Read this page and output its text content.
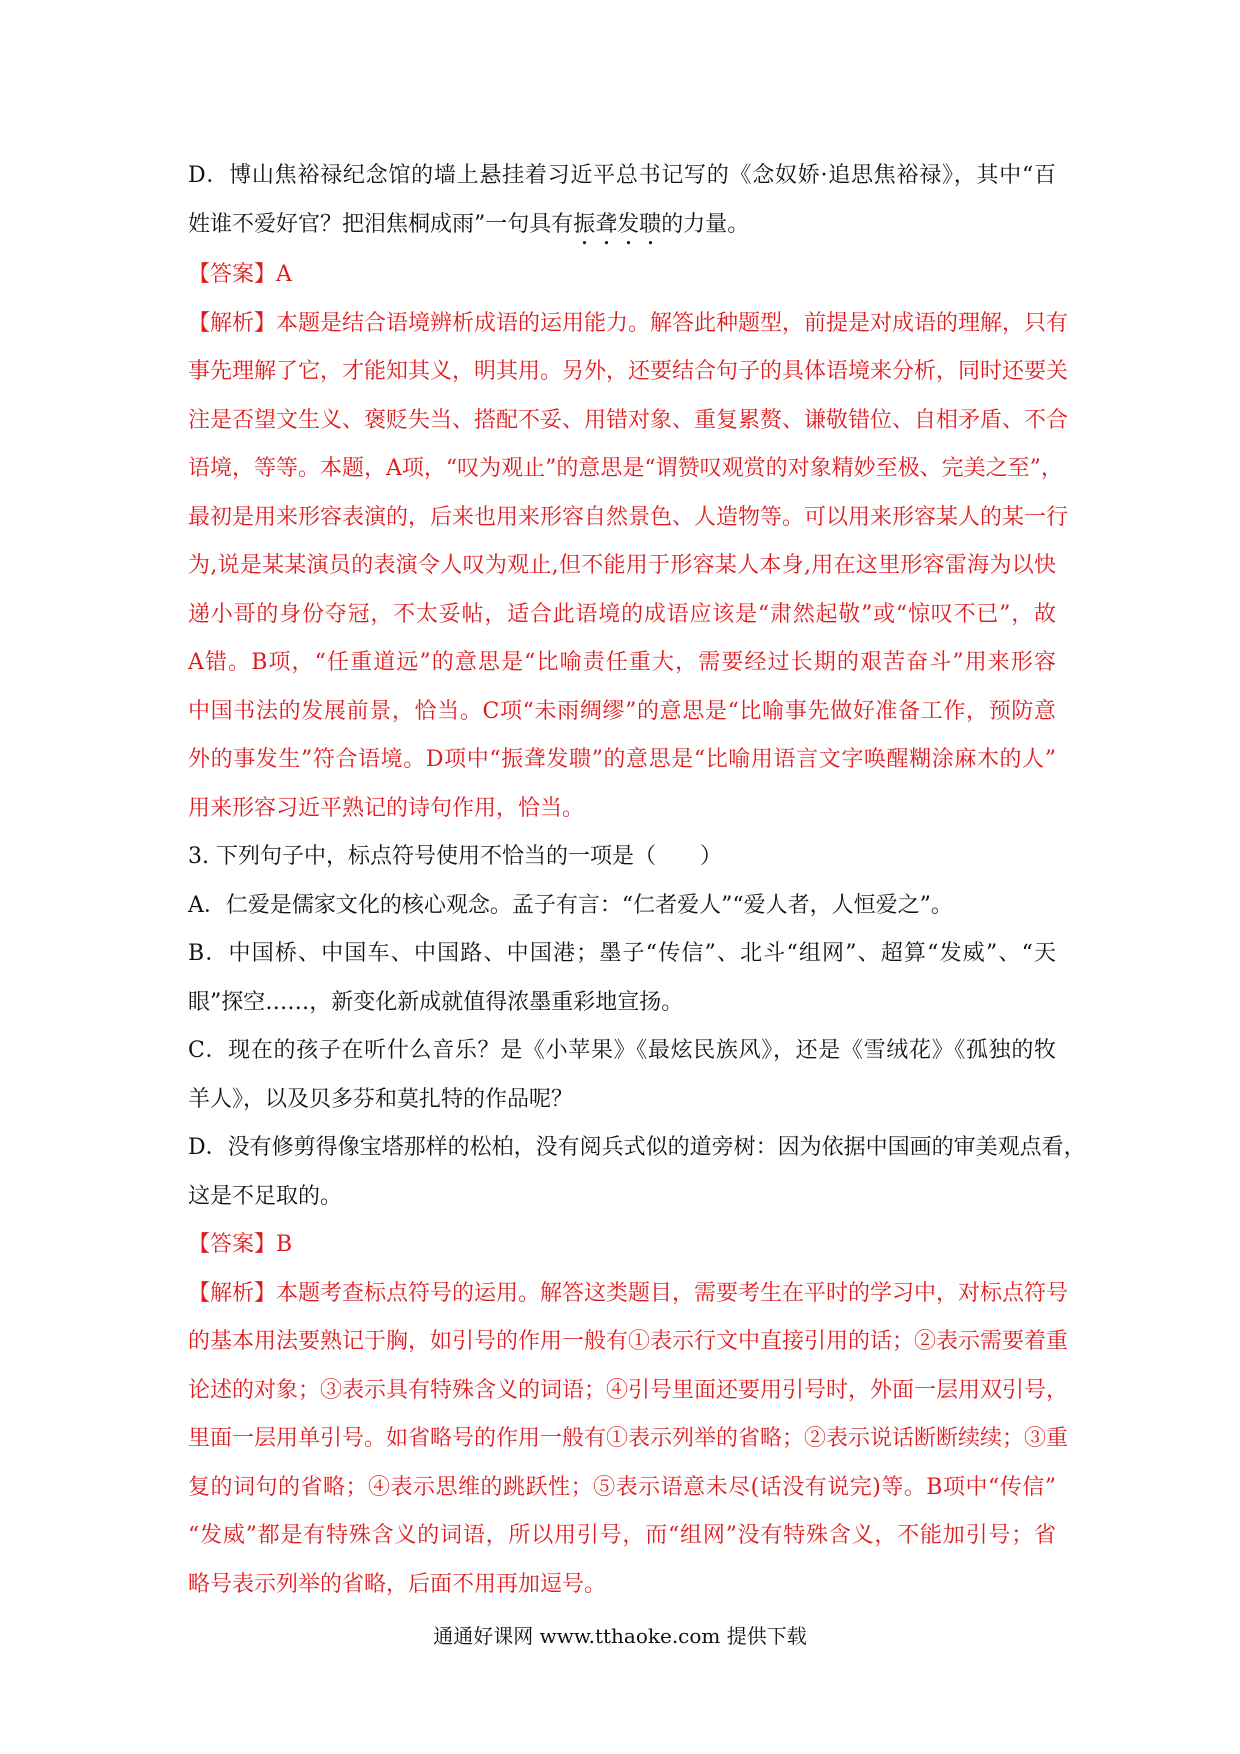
D．博山焦裕禄纪念馆的墙上悬挂着习近平总书记写的《念奴娇·追思焦裕禄》，其中“百
姓谁不爱好官？把泪焦桐成雨”一句具有振聋发聩的力量。
【答案】A
【解析】本题是结合语境辨析成语的运用能力。解答此种题型，前提是对成语的理解，只有
事先理解了它，才能知其义，明其用。另外，还要结合句子的具体语境来分析，同时还要关
注是否望文生义、褒贬失当、搭配不妥、用错对象、重复累赘、谦敬错位、自相矛盾、不合
语境，等等。本题，A项，“叹为观止”的意思是“谓赞叹观赏的对象精妙至极、完美之至”，
最初是用来形容表演的，后来也用来形容自然景色、人造物等。可以用来形容某人的某一行
为,说是某某演员的表演令人叹为观止,但不能用于形容某人本身,用在这里形容雷海为以快
递小哥的身份夺冠，不太妥帖，适合此语境的成语应该是“肃然起敬”或“惊叹不已”，故
A错。B项，“任重道远”的意思是“比喻责任重大，需要经过长期的艰苦奋斗”用来形容
中国书法的发展前景，恰当。C项“未雨绸缪”的意思是“比喻事先做好准备工作，预防意
外的事发生”符合语境。D项中“振聋发聩”的意思是“比喻用语言文字唤醒糊涂麻木的人”
用来形容习近平熟记的诗句作用，恰当。
3. 下列句子中，标点符号使用不恰当的一项是（　　）
A．仁爱是儒家文化的核心观念。孟子有言：“仁者爱人”“爱人者，人恒爱之”。
B．中国桥、中国车、中国路、中国港；墨子“传信”、北斗“组网”、超算“发威”、“天
眼”探空……，新变化新成就值得浓墨重彩地宣扬。
C．现在的孩子在听什么音乐？是《小苹果》《最炫民族风》，还是《雪绒花》《孤独的牧
羊人》，以及贝多芬和莫扎特的作品呢？
D．没有修剪得像宝塔那样的松柏，没有阅兵式似的道旁树：因为依据中国画的审美观点看，
这是不足取的。
【答案】B
【解析】本题考查标点符号的运用。解答这类题目，需要考生在平时的学习中，对标点符号
的基本用法要熟记于胸，如引号的作用一般有①表示行文中直接引用的话；②表示需要着重
论述的对象；③表示具有特殊含义的词语；④引号里面还要用引号时，外面一层用双引号，
里面一层用单引号。如省略号的作用一般有①表示列举的省略；②表示说话断断续续；③重
复的词句的省略；④表示思维的跳跃性；⑤表示语意未尽(话没有说完)等。B项中“传信”
“发威”都是有特殊含义的词语，所以用引号，而“组网”没有特殊含义，不能加引号；省
略号表示列举的省略，后面不用再加逗号。
通通好课网 www.tthaoke.com 提供下载
